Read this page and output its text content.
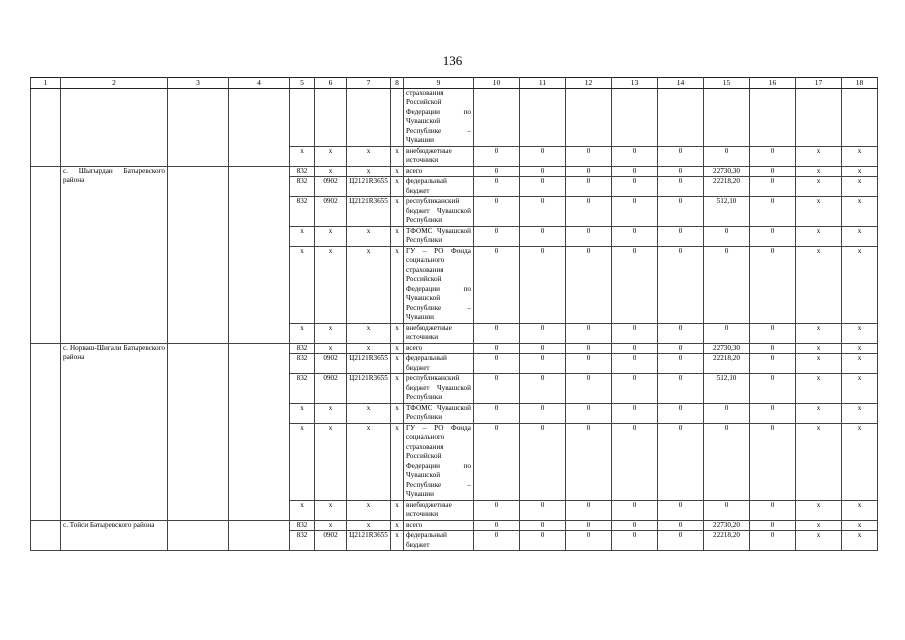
136
1	2	3	4	5	6	7	8	9	10	11	12	13	14	15	16	17	18
								страхования Российской Федерации по Чувашской Республике – Чувашии									
				x	x	x	x	внебюджетные источники	0	0	0	0	0	0	0	x	x
	с. Шыгырдан Батыревского района			832	x	x	x	всего	0	0	0	0	0	22730,30	0	x	x
				832	0902	Ц2121R3655	x	федеральный бюджет	0	0	0	0	0	22218,20	0	x	x
				832	0902	Ц2121R3655	x	республиканский бюджет Чувашской Республики	0	0	0	0	0	512,10	0	x	x
				x	x	x	x	ТФОМС Чувашской Республики	0	0	0	0	0	0	0	x	x
				x	x	x	x	ГУ – РО Фонда социального страхования Российской Федерации по Чувашской Республике – Чувашии	0	0	0	0	0	0	0	x	x
				x	x	x	x	внебюджетные источники	0	0	0	0	0	0	0	x	x
	с. Норваш-Шигали Батыревского района			832	x	x	x	всего	0	0	0	0	0	22730,30	0	x	x
				832	0902	Ц2121R3655	x	федеральный бюджет	0	0	0	0	0	22218,20	0	x	x
				832	0902	Ц2121R3655	x	республиканский бюджет Чувашской Республики	0	0	0	0	0	512,10	0	x	x
				x	x	x	x	ТФОМС Чувашской Республики	0	0	0	0	0	0	0	x	x
				x	x	x	x	ГУ – РО Фонда социального страхования Российской Федерации по Чувашской Республике – Чувашии	0	0	0	0	0	0	0	x	x
				x	x	x	x	внебюджетные источники	0	0	0	0	0	0	0	x	x
	с. Тойси Батыревского района			832	x	x	x	всего	0	0	0	0	0	22730,20	0	x	x
				832	0902	Ц2121R3655	x	федеральный бюджет	0	0	0	0	0	22218,20	0	x	x
